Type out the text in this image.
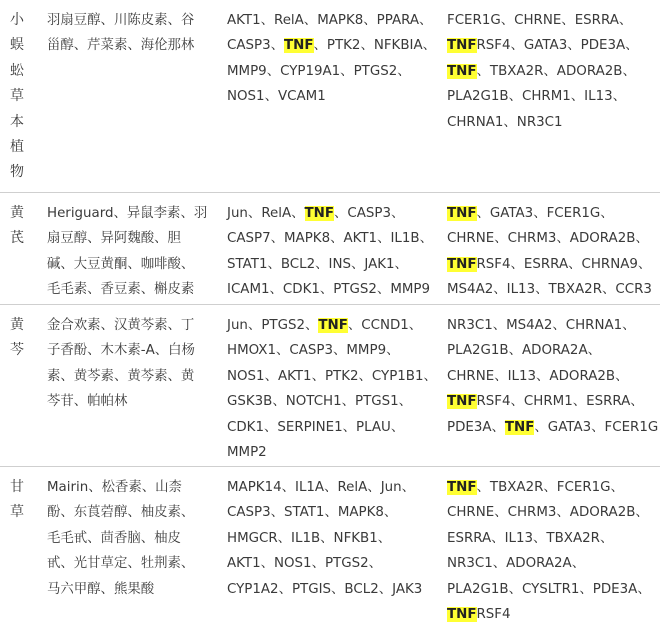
小
蜈
蚣
草
本
植
物
羽扇豆醇、川陈皮素、谷
甾醇、芹菜素、海伦那林
AKT1、RelA、MAPK8、PPARA、
CASP3、TNF、PTK2、NFKBIA、
MMP9、CYP19A1、PTGS2、
NOS1、VCAM1
FCER1G、CHRNE、ESRRA、
TNFRSF4、GATA3、PDE3A、
TNF、TBXA2R、ADORA2B、
PLA2G1B、CHRM1、IL13、
CHRNA1、NR3C1
黄
芪
Heriguard、异鼠李素、羽
扇豆醇、异阿魏酸、胆
碱、大豆黄酮、咖啡酸、
毛毛素、香豆素、槲皮素
Jun、RelA、TNF、CASP3、
CASP7、MAPK8、AKT1、IL1B、
STAT1、BCL2、INS、JAK1、
ICAM1、CDK1、PTGS2、MMP9
TNF、GATA3、FCER1G、
CHRNE、CHRM3、ADORA2B、
TNFRSF4、ESRRA、CHRNA9、
MS4A2、IL13、TBXA2R、CCR3
黄
芩
金合欢素、汉黄芩素、丁
子香酚、木木素-A、白杨
素、黄芩素、黄芩素、黄
芩苷、帕帕林
Jun、PTGS2、TNF、CCND1、
HMOX1、CASP3、MMP9、
NOS1、AKT1、PTK2、CYP1B1、
GSK3B、NOTCH1、PTGS1、
CDK1、SERPINE1、PLAU、
MMP2
NR3C1、MS4A2、CHRNA1、
PLA2G1B、ADORA2A、
CHRNE、IL13、ADORA2B、
TNFRSF4、CHRM1、ESRRA、
PDE3A、TNF、GATA3、FCER1G
甘
草
Mairin、松香素、山柰
酚、东莨菪醇、柚皮素、
毛毛甙、茴香脑、柚皮
甙、光甘草定、牡荆素、
马六甲醇、熊果酸
MAPK14、IL1A、RelA、Jun、
CASP3、STAT1、MAPK8、
HMGCR、IL1B、NFKB1、
AKT1、NOS1、PTGS2、
CYP1A2、PTGIS、BCL2、JAK3
TNF、TBXA2R、FCER1G、
CHRNE、CHRM3、ADORA2B、
ESRRA、IL13、TBXA2R、
NR3C1、ADORA2A、
PLA2G1B、CYSLTR1、PDE3A、
TNFRSF4
